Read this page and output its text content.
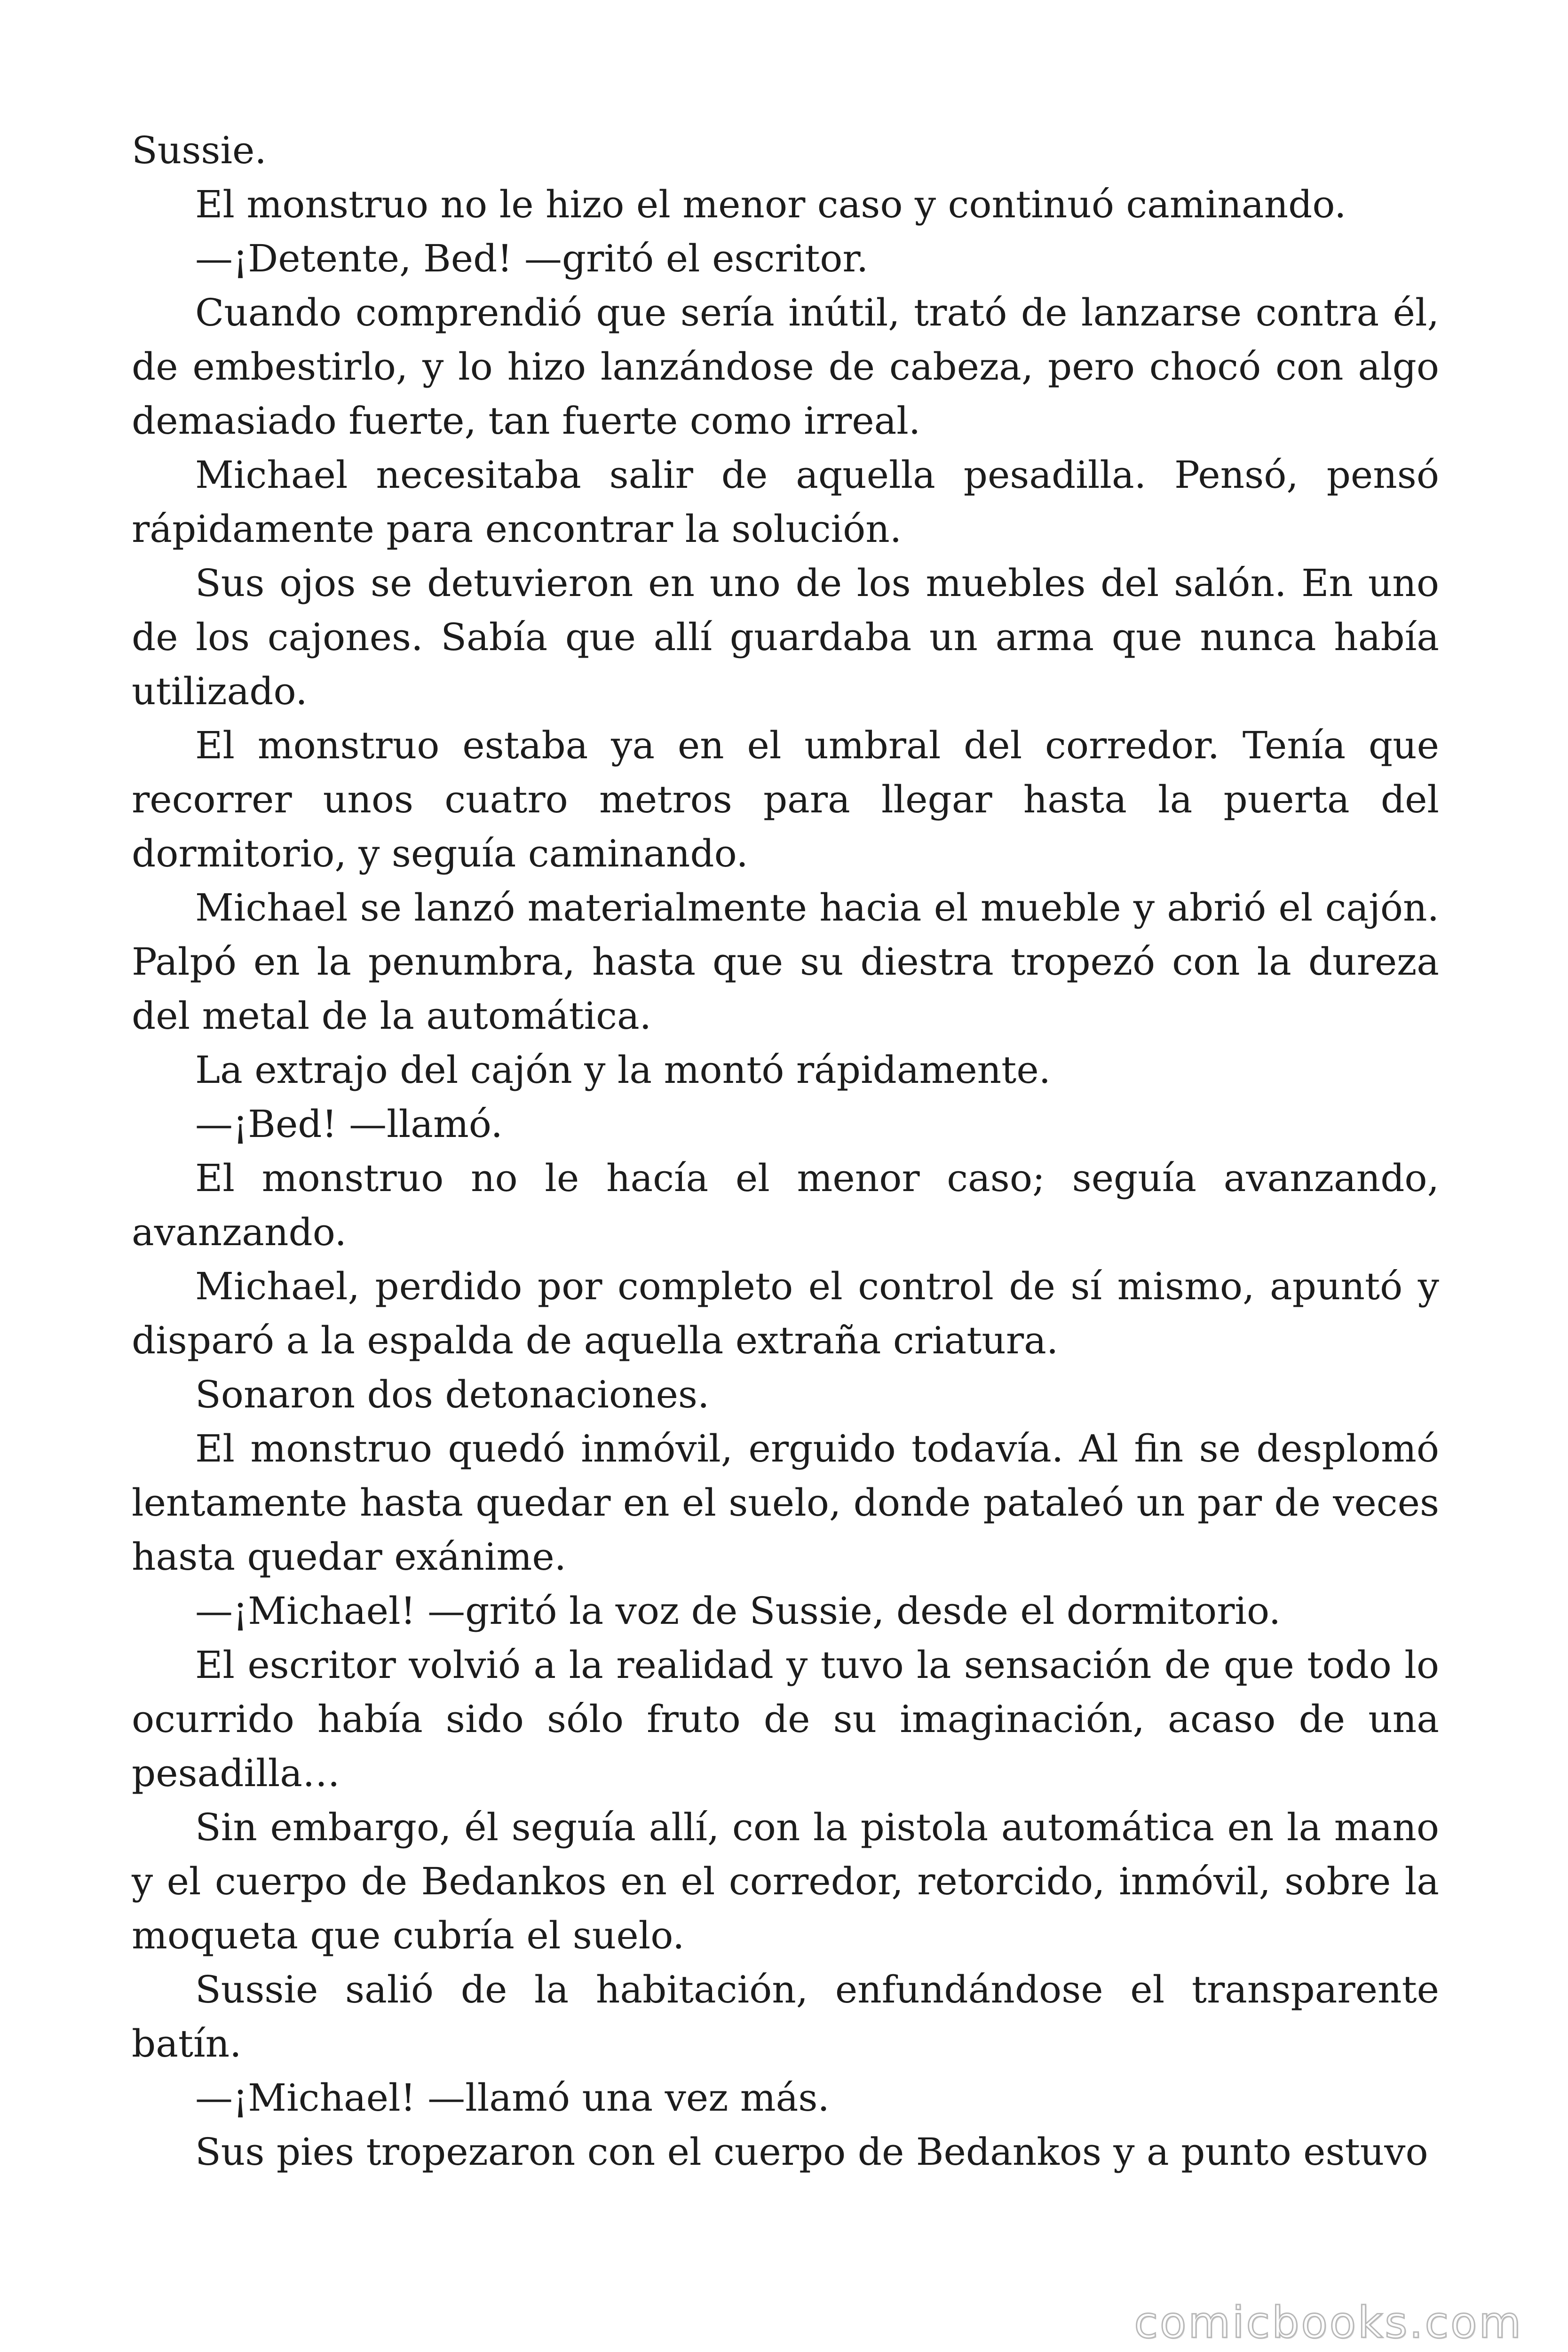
Sussie.

El monstruo no le hizo el menor caso y continuó caminando.

—¡Detente, Bed! —gritó el escritor.

Cuando comprendió que sería inútil, trató de lanzarse contra él, de embestirlo, y lo hizo lanzándose de cabeza, pero chocó con algo demasiado fuerte, tan fuerte como irreal.

Michael necesitaba salir de aquella pesadilla. Pensó, pensó rápidamente para encontrar la solución.

Sus ojos se detuvieron en uno de los muebles del salón. En uno de los cajones. Sabía que allí guardaba un arma que nunca había utilizado.

El monstruo estaba ya en el umbral del corredor. Tenía que recorrer unos cuatro metros para llegar hasta la puerta del dormitorio, y seguía caminando.

Michael se lanzó materialmente hacia el mueble y abrió el cajón. Palpó en la penumbra, hasta que su diestra tropezó con la dureza del metal de la automática.

La extrajo del cajón y la montó rápidamente.

—¡Bed! —llamó.

El monstruo no le hacía el menor caso; seguía avanzando, avanzando.

Michael, perdido por completo el control de sí mismo, apuntó y disparó a la espalda de aquella extraña criatura.

Sonaron dos detonaciones.

El monstruo quedó inmóvil, erguido todavía. Al fin se desplomó lentamente hasta quedar en el suelo, donde pataleó un par de veces hasta quedar exánime.

—¡Michael! —gritó la voz de Sussie, desde el dormitorio.

El escritor volvió a la realidad y tuvo la sensación de que todo lo ocurrido había sido sólo fruto de su imaginación, acaso de una pesadilla…

Sin embargo, él seguía allí, con la pistola automática en la mano y el cuerpo de Bedankos en el corredor, retorcido, inmóvil, sobre la moqueta que cubría el suelo.

Sussie salió de la habitación, enfundándose el transparente batín.

—¡Michael! —llamó una vez más.

Sus pies tropezaron con el cuerpo de Bedankos y a punto estuvo

comicbooks.com
